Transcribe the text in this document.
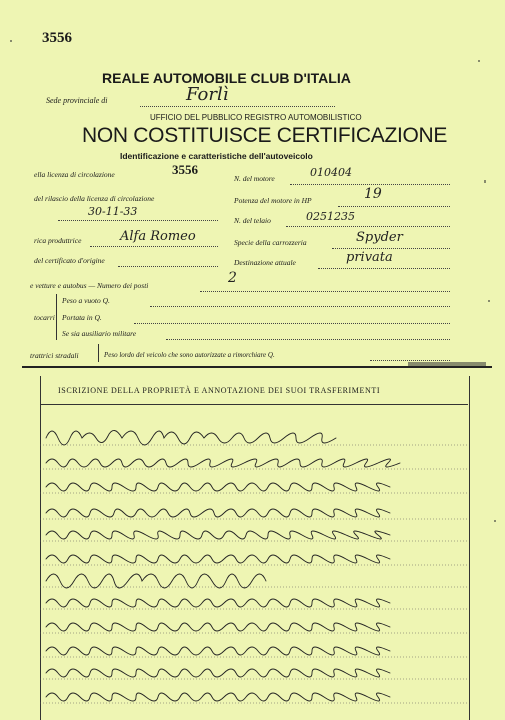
3556
REALE AUTOMOBILE CLUB D'ITALIA
Sede provinciale di	Forlì
UFFICIO DEL PUBBLICO REGISTRO AUTOMOBILISTICO
NON COSTITUISCE CERTIFICAZIONE
Identificazione e caratteristiche dell'autoveicolo
ella licenza di circolazione	3556
del rilascio della licenza di circolazione
30-11-33
rica produttrice	Alfa Romeo
del certificato d'origine
N. del motore	010404
Potenza del motore in HP	19
N. del telaio	0251235
Specie della carrozzeria	Spyder
Destinazione attuale	privata
e vetture e autobus — Numero dei posti	2
Peso a vuoto Q.
tocarri Portata in Q.
Se sia ausiliario militare
trattrici stradali	Peso lordo del veicolo che sono autorizzate a rimorchiare Q.
ISCRIZIONE DELLA PROPRIETÀ E ANNOTAZIONE DEI SUOI TRASFERIMENTI
